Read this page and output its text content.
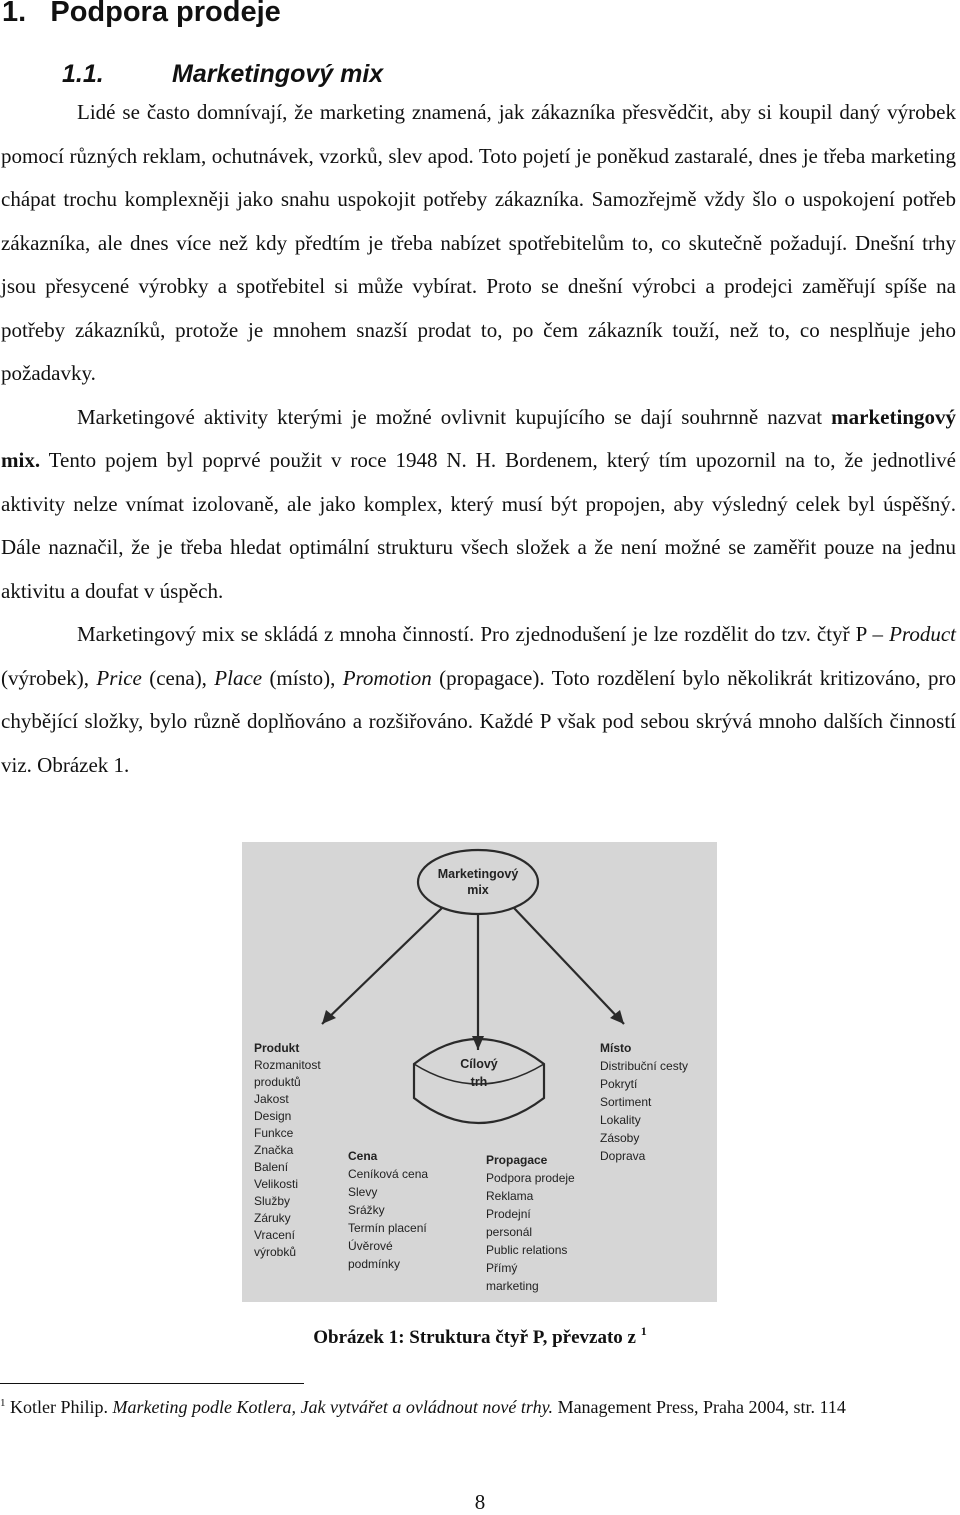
1. Podpora prodeje
1.1.	Marketingový mix

Lidé se často domnívají, že marketing znamená, jak zákazníka přesvědčit, aby si koupil daný výrobek pomocí různých reklam, ochutnávek, vzorků, slev apod. Toto pojetí je poněkud zastaralé, dnes je třeba marketing chápat trochu komplexněji jako snahu uspokojit potřeby zákazníka. Samozřejmě vždy šlo o uspokojení potřeb zákazníka, ale dnes více než kdy předtím je třeba nabízet spotřebitelům to, co skutečně požadují. Dnešní trhy jsou přesycené výrobky a spotřebitel si může vybírat. Proto se dnešní výrobci a prodejci zaměřují spíše na potřeby zákazníků, protože je mnohem snazší prodat to, po čem zákazník touží, než to, co nesplňuje jeho požadavky.

Marketingové aktivity kterými je možné ovlivnit kupujícího se dají souhrnně nazvat marketingový mix. Tento pojem byl poprvé použit v roce 1948 N. H. Bordenem, který tím upozornil na to, že jednotlivé aktivity nelze vnímat izolovaně, ale jako komplex, který musí být propojen, aby výsledný celek byl úspěšný. Dále naznačil, že je třeba hledat optimální strukturu všech složek a že není možné se zaměřit pouze na jednu aktivitu a doufat v úspěch.

Marketingový mix se skládá z mnoha činností. Pro zjednodušení je lze rozdělit do tzv. čtyř P – Product (výrobek), Price (cena), Place (místo), Promotion (propagace). Toto rozdělení bylo několikrát kritizováno, pro chybějící složky, bylo různě doplňováno a rozšiřováno. Každé P však pod sebou skrývá mnoho dalších činností viz. Obrázek 1.

Marketingový
mix
Cílový
trh
Produkt Rozmanitost produktů Jakost Design Funkce Značka Balení Velikosti Služby Záruky Vracení výrobků
Místo Distribuční cesty Pokrytí Sortiment Lokality Zásoby Doprava
Cena Ceníková cena Slevy Srážky Termín placení Úvěrové podmínky
Propagace Podpora prodeje Reklama Prodejní personál Public relations Přímý marketing
Obrázek 1: Struktura čtyř P, převzato z $^1$
$^1$ Kotler Philip. Marketing podle Kotlera, Jak vytvářet a ovládnout nové trhy. Management Press, Praha 2004, str. 114
8
